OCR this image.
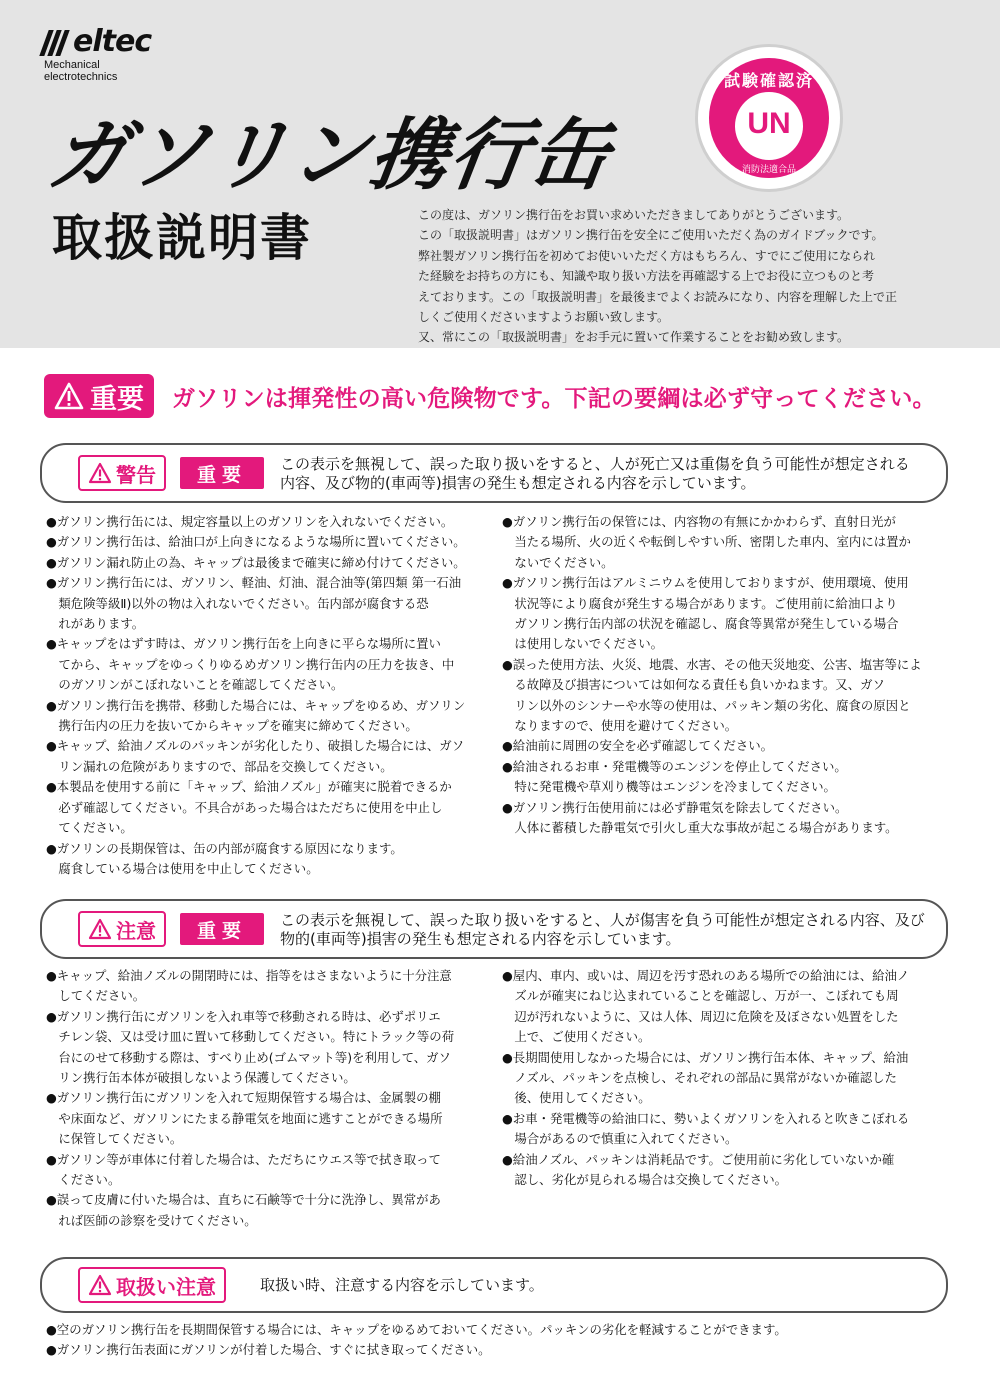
eltec
Mechanical
electrotechnics
ガソリン携行缶
取扱説明書
試験確認済
UN
消防法適合品

この度は、ガソリン携行缶をお買い求めいただきましてありがとうございます。

この「取扱説明書」はガソリン携行缶を安全にご使用いただく為のガイドブックです。

弊社製ガソリン携行缶を初めてお使いいただく方はもちろん、すでにご使用になられ

た経験をお持ちの方にも、知識や取り扱い方法を再確認する上でお役に立つものと考

えております。この「取扱説明書」を最後までよくお読みになり、内容を理解した上で正

しくご使用くださいますようお願い致します。

又、常にこの「取扱説明書」をお手元に置いて作業することをお勧め致します。

重要 ガソリンは揮発性の高い危険物です。下記の要綱は必ず守ってください。
警告	重要	この表示を無視して、誤った取り扱いをすると、人が死亡又は重傷を負う可能性が想定される

内容、及び物的(車両等)損害の発生も想定される内容を示しています。

●ガソリン携行缶には、規定容量以上のガソリンを入れないでください。

●ガソリン携行缶は、給油口が上向きになるような場所に置いてください。

●ガソリン漏れ防止の為、キャップは最後まで確実に締め付けてください。

●ガソリン携行缶には、ガソリン、軽油、灯油、混合油等(第四類 第一石油

　類危険等級Ⅱ)以外の物は入れないでください。缶内部が腐食する恐

　れがあります。

●キャップをはずす時は、ガソリン携行缶を上向きに平らな場所に置い

　てから、キャップをゆっくりゆるめガソリン携行缶内の圧力を抜き、中

　のガソリンがこぼれないことを確認してください。

●ガソリン携行缶を携帯、移動した場合には、キャップをゆるめ、ガソリン

　携行缶内の圧力を抜いてからキャップを確実に締めてください。

●キャップ、給油ノズルのパッキンが劣化したり、破損した場合には、ガソ

　リン漏れの危険がありますので、部品を交換してください。

●本製品を使用する前に「キャップ、給油ノズル」が確実に脱着できるか

　必ず確認してください。不具合があった場合はただちに使用を中止し

　てください。

●ガソリンの長期保管は、缶の内部が腐食する原因になります。

　腐食している場合は使用を中止してください。

●ガソリン携行缶の保管には、内容物の有無にかかわらず、直射日光が

　当たる場所、火の近くや転倒しやすい所、密閉した車内、室内には置か

　ないでください。

●ガソリン携行缶はアルミニウムを使用しておりますが、使用環境、使用

　状況等により腐食が発生する場合があります。ご使用前に給油口より

　ガソリン携行缶内部の状況を確認し、腐食等異常が発生している場合

　は使用しないでください。

●誤った使用方法、火災、地震、水害、その他天災地変、公害、塩害等によ

　る故障及び損害については如何なる責任も負いかねます。又、ガソ

　リン以外のシンナーや水等の使用は、パッキン類の劣化、腐食の原因と

　なりますので、使用を避けてください。

●給油前に周囲の安全を必ず確認してください。

●給油されるお車・発電機等のエンジンを停止してください。

　特に発電機や草刈り機等はエンジンを冷ましてください。

●ガソリン携行缶使用前には必ず静電気を除去してください。

　人体に蓄積した静電気で引火し重大な事故が起こる場合があります。

注意	重要	この表示を無視して、誤った取り扱いをすると、人が傷害を負う可能性が想定される内容、及び

物的(車両等)損害の発生も想定される内容を示しています。

●キャップ、給油ノズルの開閉時には、指等をはさまないように十分注意

　してください。

●ガソリン携行缶にガソリンを入れ車等で移動される時は、必ずポリエ

　チレン袋、又は受け皿に置いて移動してください。特にトラック等の荷

　台にのせて移動する際は、すべり止め(ゴムマット等)を利用して、ガソ

　リン携行缶本体が破損しないよう保護してください。

●ガソリン携行缶にガソリンを入れて短期保管する場合は、金属製の棚

　や床面など、ガソリンにたまる静電気を地面に逃すことができる場所

　に保管してください。

●ガソリン等が車体に付着した場合は、ただちにウエス等で拭き取って

　ください。

●誤って皮膚に付いた場合は、直ちに石鹸等で十分に洗浄し、異常があ

　れば医師の診察を受けてください。

●屋内、車内、或いは、周辺を汚す恐れのある場所での給油には、給油ノ

　ズルが確実にねじ込まれていることを確認し、万が一、こぼれても周

　辺が汚れないように、又は人体、周辺に危険を及ぼさない処置をした

　上で、ご使用ください。

●長期間使用しなかった場合には、ガソリン携行缶本体、キャップ、給油

　ノズル、パッキンを点検し、それぞれの部品に異常がないか確認した

　後、使用してください。

●お車・発電機等の給油口に、勢いよくガソリンを入れると吹きこぼれる

　場合があるので慎重に入れてください。

●給油ノズル、パッキンは消耗品です。ご使用前に劣化していないか確

　認し、劣化が見られる場合は交換してください。

取扱い注意	取扱い時、注意する内容を示しています。

●空のガソリン携行缶を長期間保管する場合には、キャップをゆるめておいてください。パッキンの劣化を軽減することができます。

●ガソリン携行缶表面にガソリンが付着した場合、すぐに拭き取ってください。
